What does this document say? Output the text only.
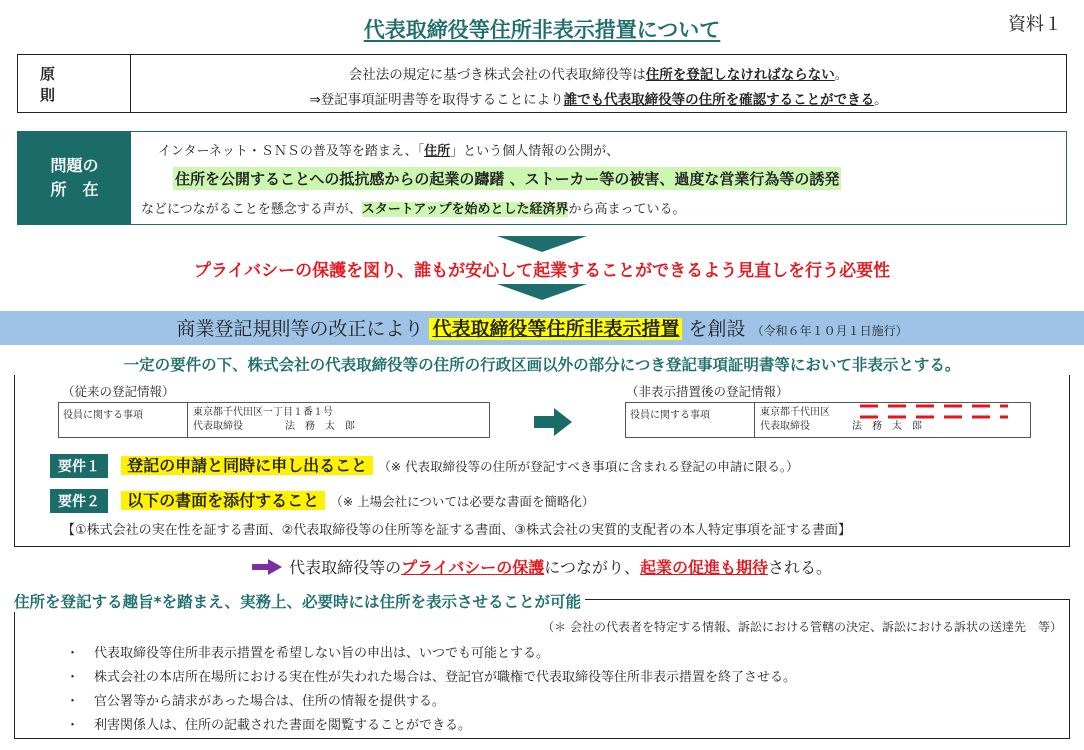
代表取締役等住所非表示措置について	資料１
原　則
会社法の規定に基づき株式会社の代表取締役等は住所を登記しなければならない。
⇒登記事項証明書等を取得することにより誰でも代表取締役等の住所を確認することができる。
問題の
所　在
インターネット・ＳＮＳの普及等を踏まえ、「住所」という個人情報の公開が、
住所を公開することへの抵抗感からの起業の躊躇 、ストーカー等の被害、過度な営業行為等の誘発
などにつながることを懸念する声が、スタートアップを始めとした経済界から高まっている。
プライバシーの保護を図り、誰もが安心して起業することができるよう見直しを行う必要性
商業登記規則等の改正により 代表取締役等住所非表示措置 を創設 （令和６年１０月１日施行）
一定の要件の下、株式会社の代表取締役等の住所の行政区画以外の部分につき登記事項証明書等において非表示とする。
（従来の登記情報）
役員に関する事項	東京都千代田区一丁目１番１号
代表取締役	法　務　太　郎
（非表示措置後の登記情報）
役員に関する事項	東京都千代田区
代表取締役	法　務　太　郎
要件１ 登記の申請と同時に申し出ること （※ 代表取締役等の住所が登記すべき事項に含まれる登記の申請に限る。）
要件２ 以下の書面を添付すること （※ 上場会社については必要な書面を簡略化）
【①株式会社の実在性を証する書面、②代表取締役等の住所等を証する書面、③株式会社の実質的支配者の本人特定事項を証する書面】
代表取締役等のプライバシーの保護につながり、起業の促進も期待される。
住所を登記する趣旨*を踏まえ、実務上、必要時には住所を表示させることが可能
（＊ 会社の代表者を特定する情報、訴訟における管轄の決定、訴訟における訴状の送達先　等）
・ 代表取締役等住所非表示措置を希望しない旨の申出は、いつでも可能とする。
・ 株式会社の本店所在場所における実在性が失われた場合は、登記官が職権で代表取締役等住所非表示措置を終了させる。
・ 官公署等から請求があった場合は、住所の情報を提供する。
・ 利害関係人は、住所の記載された書面を閲覧することができる。
